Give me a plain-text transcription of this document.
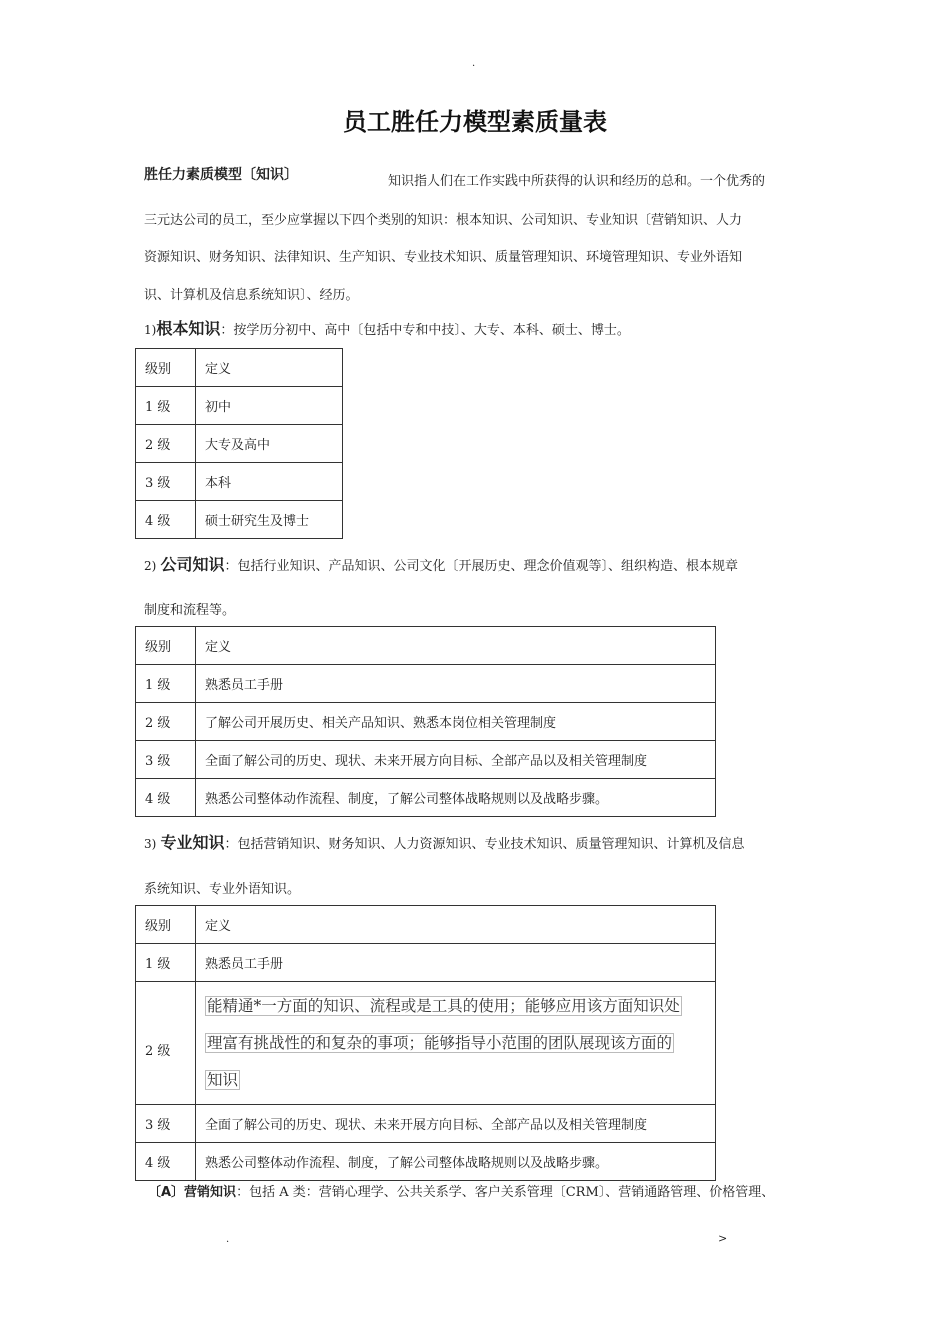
.
员工胜任力模型素质量表
胜任力素质模型〔知识〕	知识指人们在工作实践中所获得的认识和经历的总和。一个优秀的
三元达公司的员工，至少应掌握以下四个类别的知识：根本知识、公司知识、专业知识〔营销知识、人力
资源知识、财务知识、法律知识、生产知识、专业技术知识、质量管理知识、环境管理知识、专业外语知
识、计算机及信息系统知识〕、经历。
1)根本知识：按学历分初中、高中〔包括中专和中技〕、大专、本科、硕士、博士。
级别	定义
1 级	初中
2 级	大专及高中
3 级	本科
4 级	硕士研究生及博士
2) 公司知识：包括行业知识、产品知识、公司文化〔开展历史、理念价值观等〕、组织构造、根本规章
制度和流程等。
级别	定义
1 级	熟悉员工手册
2 级	了解公司开展历史、相关产品知识、熟悉本岗位相关管理制度
3 级	全面了解公司的历史、现状、未来开展方向目标、全部产品以及相关管理制度
4 级	熟悉公司整体动作流程、制度，了解公司整体战略规则以及战略步骤。
3) 专业知识：包括营销知识、财务知识、人力资源知识、专业技术知识、质量管理知识、计算机及信息
系统知识、专业外语知识。
级别	定义
1 级	熟悉员工手册
2 级	能精通*一方面的知识、流程或是工具的使用；能够应用该方面知识处
理富有挑战性的和复杂的事项；能够指导小范围的团队展现该方面的
知识
3 级	全面了解公司的历史、现状、未来开展方向目标、全部产品以及相关管理制度
4 级	熟悉公司整体动作流程、制度，了解公司整体战略规则以及战略步骤。
〔A〕营销知识：包括 A 类：营销心理学、公共关系学、客户关系管理〔CRM〕、营销通路管理、价格管理、
.	>
